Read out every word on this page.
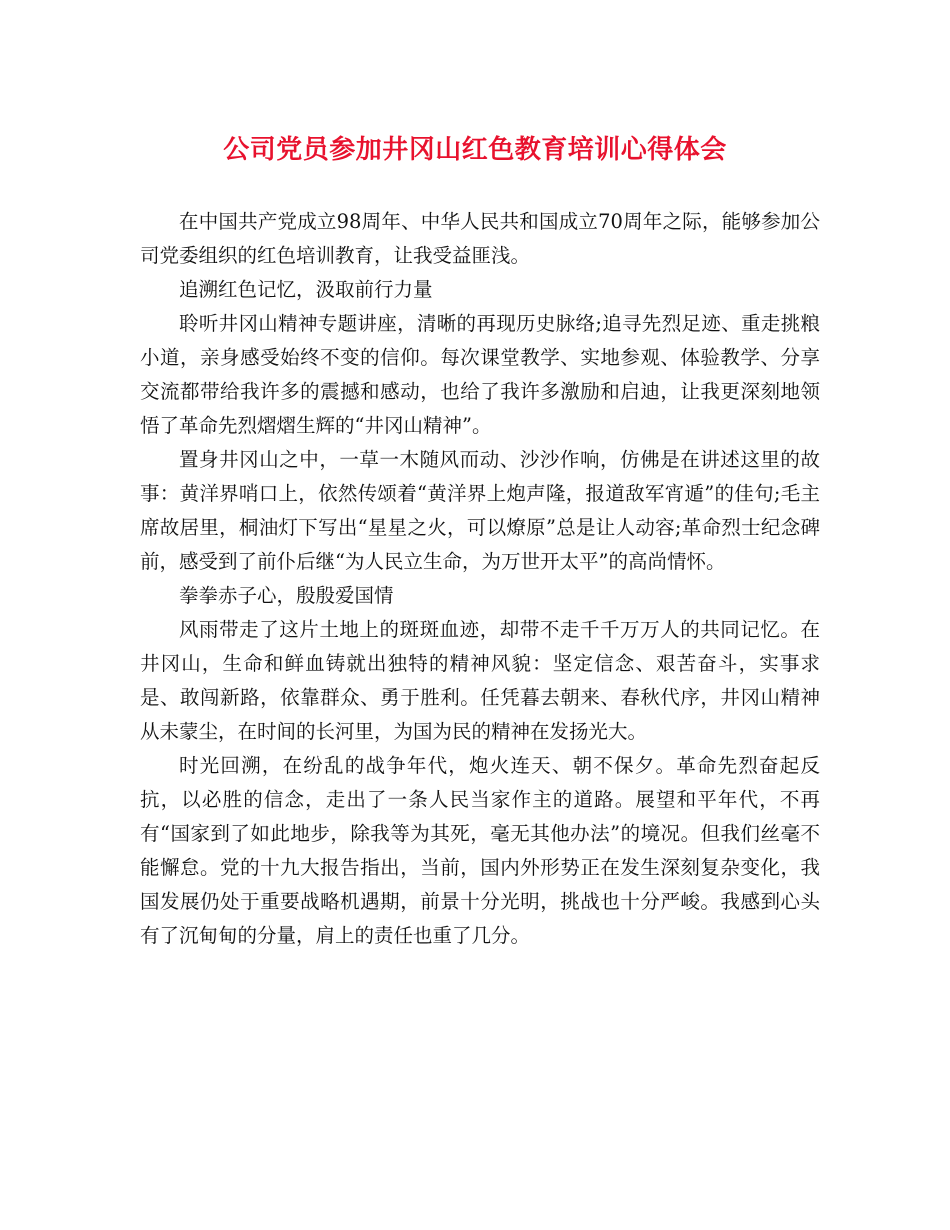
公司党员参加井冈山红色教育培训心得体会

在中国共产党成立98周年、中华人民共和国成立70周年之际，能够参加公司党委组织的红色培训教育，让我受益匪浅。

追溯红色记忆，汲取前行力量

聆听井冈山精神专题讲座，清晰的再现历史脉络;追寻先烈足迹、重走挑粮小道，亲身感受始终不变的信仰。每次课堂教学、实地参观、体验教学、分享交流都带给我许多的震撼和感动，也给了我许多激励和启迪，让我更深刻地领悟了革命先烈熠熠生辉的“井冈山精神”。

置身井冈山之中，一草一木随风而动、沙沙作响，仿佛是在讲述这里的故事：黄洋界哨口上，依然传颂着“黄洋界上炮声隆，报道敌军宵遁”的佳句;毛主席故居里，桐油灯下写出“星星之火，可以燎原”总是让人动容;革命烈士纪念碑前，感受到了前仆后继“为人民立生命，为万世开太平”的高尚情怀。

拳拳赤子心，殷殷爱国情

风雨带走了这片土地上的斑斑血迹，却带不走千千万万人的共同记忆。在井冈山，生命和鲜血铸就出独特的精神风貌：坚定信念、艰苦奋斗，实事求是、敢闯新路，依靠群众、勇于胜利。任凭暮去朝来、春秋代序，井冈山精神从未蒙尘，在时间的长河里，为国为民的精神在发扬光大。

时光回溯，在纷乱的战争年代，炮火连天、朝不保夕。革命先烈奋起反抗，以必胜的信念，走出了一条人民当家作主的道路。展望和平年代，不再有“国家到了如此地步，除我等为其死，毫无其他办法”的境况。但我们丝毫不能懈怠。党的十九大报告指出，当前，国内外形势正在发生深刻复杂变化，我国发展仍处于重要战略机遇期，前景十分光明，挑战也十分严峻。我感到心头有了沉甸甸的分量，肩上的责任也重了几分。
